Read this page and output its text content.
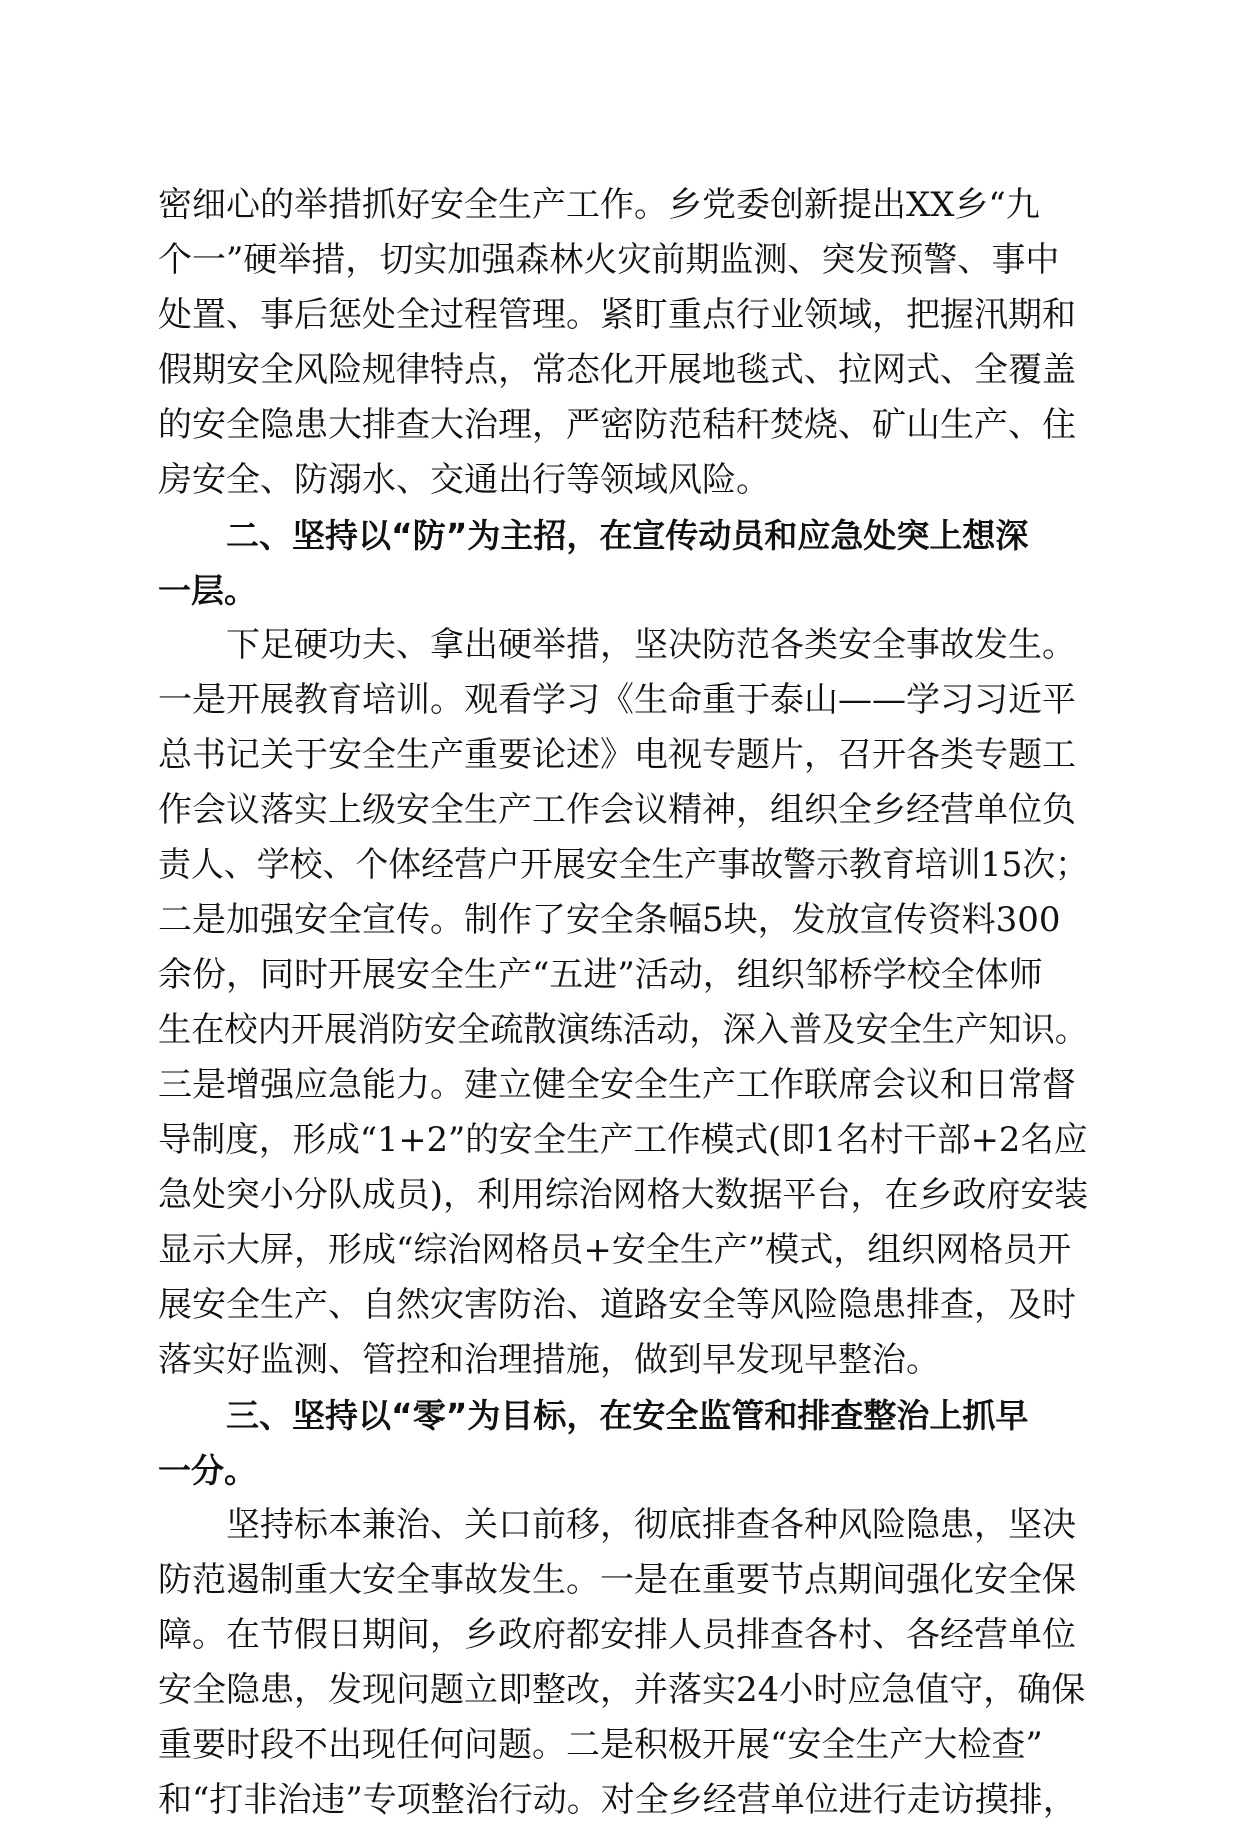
密细心的举措抓好安全生产工作。乡党委创新提出XX乡“九
个一”硬举措，切实加强森林火灾前期监测、突发预警、事中
处置、事后惩处全过程管理。紧盯重点行业领域，把握汛期和
假期安全风险规律特点，常态化开展地毯式、拉网式、全覆盖
的安全隐患大排查大治理，严密防范秸秆焚烧、矿山生产、住
房安全、防溺水、交通出行等领域风险。
二、坚持以“防”为主招，在宣传动员和应急处突上想深
一层。
下足硬功夫、拿出硬举措，坚决防范各类安全事故发生。
一是开展教育培训。观看学习《生命重于泰山——学习习近平
总书记关于安全生产重要论述》电视专题片，召开各类专题工
作会议落实上级安全生产工作会议精神，组织全乡经营单位负
责人、学校、个体经营户开展安全生产事故警示教育培训15次；
二是加强安全宣传。制作了安全条幅5块，发放宣传资料300
余份，同时开展安全生产“五进”活动，组织邹桥学校全体师
生在校内开展消防安全疏散演练活动，深入普及安全生产知识。
三是增强应急能力。建立健全安全生产工作联席会议和日常督
导制度，形成“1+2”的安全生产工作模式(即1名村干部+2名应
急处突小分队成员)，利用综治网格大数据平台，在乡政府安装
显示大屏，形成“综治网格员+安全生产”模式，组织网格员开
展安全生产、自然灾害防治、道路安全等风险隐患排查，及时
落实好监测、管控和治理措施，做到早发现早整治。
三、坚持以“零”为目标，在安全监管和排查整治上抓早
一分。
坚持标本兼治、关口前移，彻底排查各种风险隐患，坚决
防范遏制重大安全事故发生。一是在重要节点期间强化安全保
障。在节假日期间，乡政府都安排人员排查各村、各经营单位
安全隐患，发现问题立即整改，并落实24小时应急值守，确保
重要时段不出现任何问题。二是积极开展“安全生产大检查”
和“打非治违”专项整治行动。对全乡经营单位进行走访摸排，
